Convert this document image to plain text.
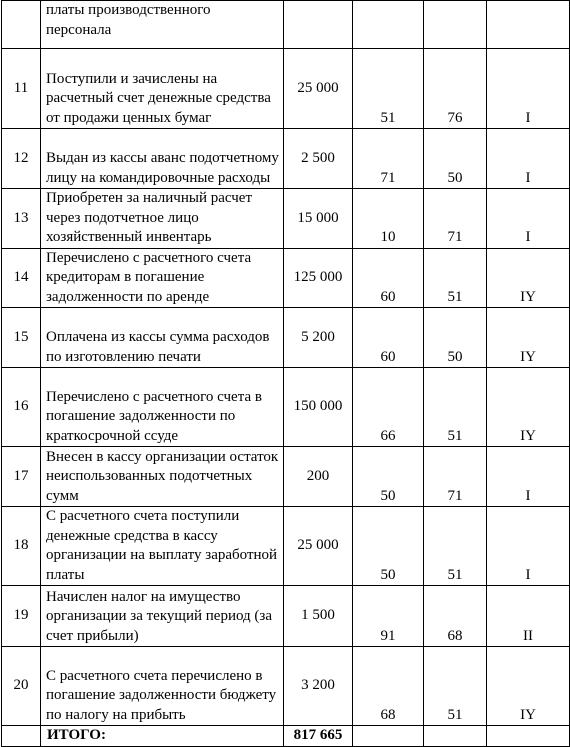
	платы производственного персонала				
11	Поступили и зачислены на расчетный счет денежные средства от продажи ценных бумаг	25 000	51	76	I
12	Выдан из кассы аванс подотчетному лицу на командировочные расходы	2 500	71	50	I
13	Приобретен за наличный расчет через подотчетное лицо хозяйственный инвентарь	15 000	10	71	I
14	Перечислено с расчетного счета кредиторам в погашение задолженности по аренде	125 000	60	51	IY
15	Оплачена из кассы сумма расходов по изготовлению печати	5 200	60	50	IY
16	Перечислено с расчетного счета в погашение задолженности по краткосрочной ссуде	150 000	66	51	IY
17	Внесен в кассу организации остаток неиспользованных подотчетных сумм	200	50	71	I
18	С расчетного счета поступили денежные средства в кассу организации на выплату заработной платы	25 000	50	51	I
19	Начислен налог на имущество организации за текущий период (за счет прибыли)	1 500	91	68	II
20	С расчетного счета перечислено в погашение задолженности бюджету по налогу на прибыть	3 200	68	51	IY
	ИТОГО:	817 665			
